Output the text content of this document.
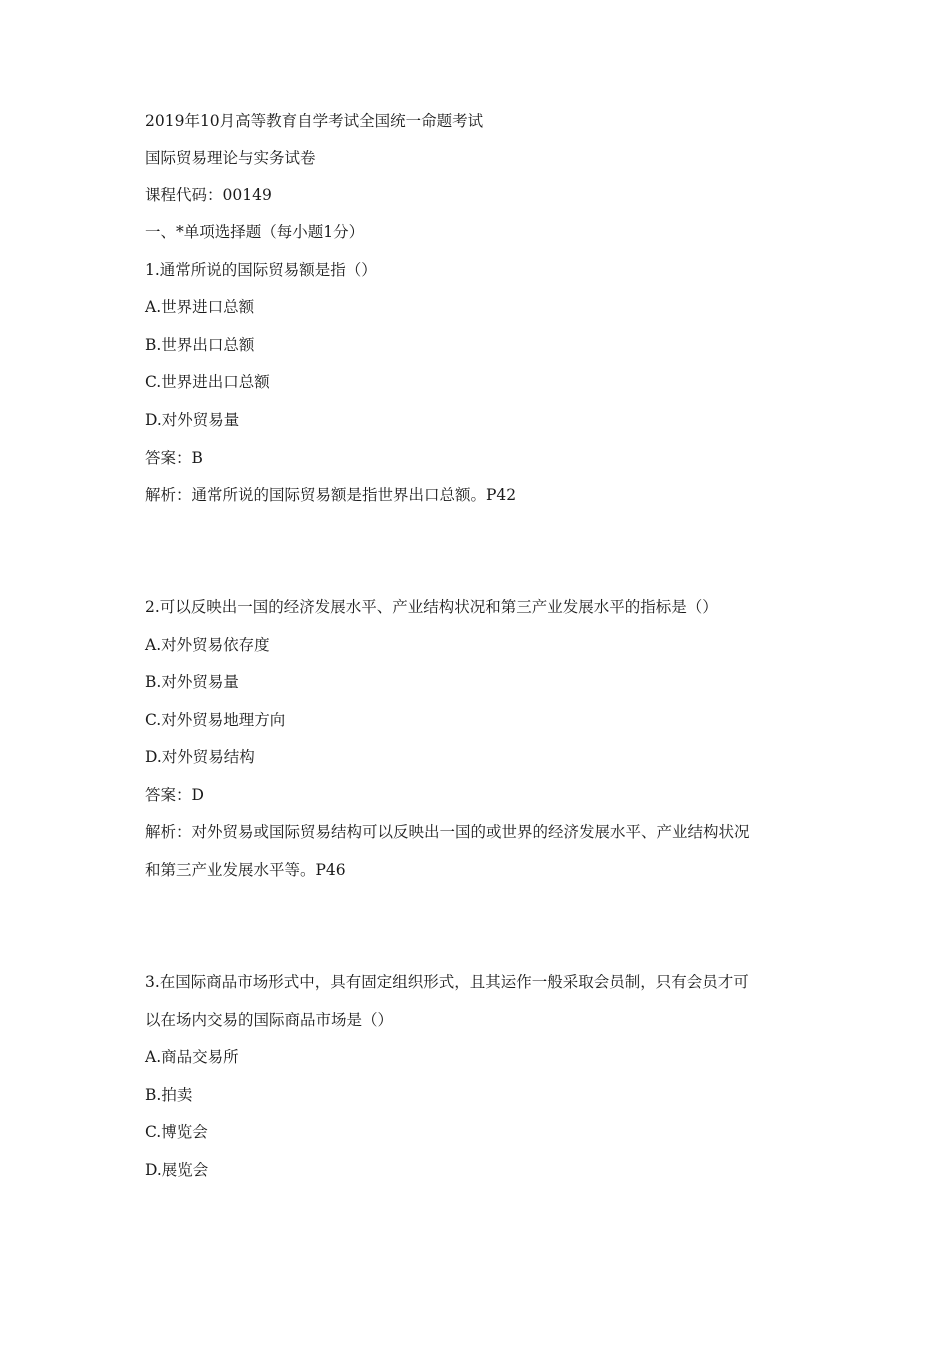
2019年10月高等教育自学考试全国统一命题考试
国际贸易理论与实务试卷
课程代码：00149
一、*单项选择题（每小题1分）
1.通常所说的国际贸易额是指（）
A.世界进口总额
B.世界出口总额
C.世界进出口总额
D.对外贸易量
答案：B
解析：通常所说的国际贸易额是指世界出口总额。P42
2.可以反映出一国的经济发展水平、产业结构状况和第三产业发展水平的指标是（）
A.对外贸易依存度
B.对外贸易量
C.对外贸易地理方向
D.对外贸易结构
答案：D
解析：对外贸易或国际贸易结构可以反映出一国的或世界的经济发展水平、产业结构状况
和第三产业发展水平等。P46
3.在国际商品市场形式中，具有固定组织形式，且其运作一般采取会员制，只有会员才可
以在场内交易的国际商品市场是（）
A.商品交易所
B.拍卖
C.博览会
D.展览会
